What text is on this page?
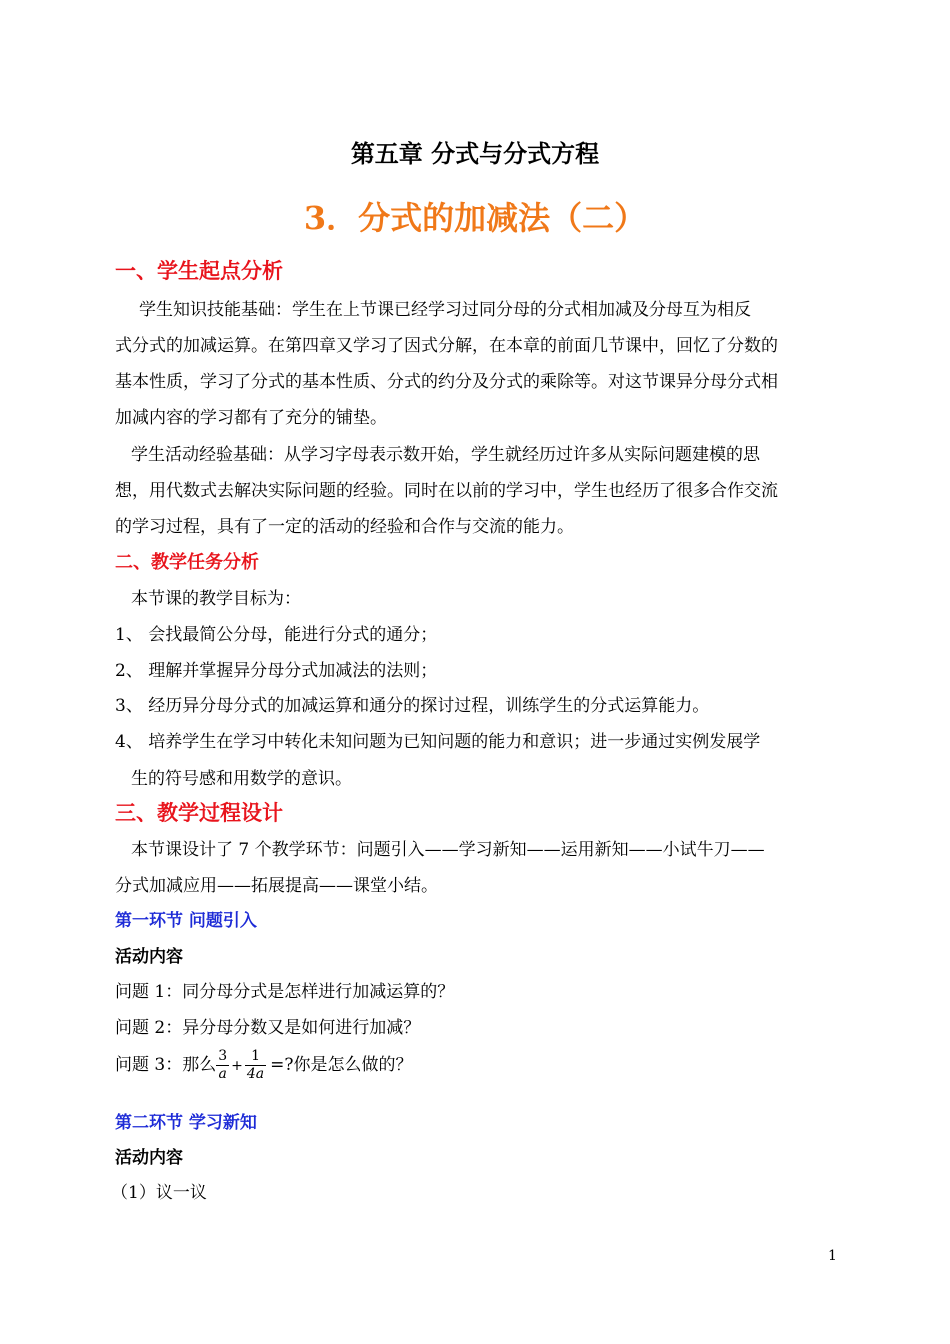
第五章 分式与分式方程
3．分式的加减法（二）
一、学生起点分析
学生知识技能基础：学生在上节课已经学习过同分母的分式相加减及分母互为相反
式分式的加减运算。在第四章又学习了因式分解，在本章的前面几节课中，回忆了分数的
基本性质，学习了分式的基本性质、分式的约分及分式的乘除等。对这节课异分母分式相
加减内容的学习都有了充分的铺垫。
学生活动经验基础：从学习字母表示数开始，学生就经历过许多从实际问题建模的思
想，用代数式去解决实际问题的经验。同时在以前的学习中，学生也经历了很多合作交流
的学习过程，具有了一定的活动的经验和合作与交流的能力。
二、教学任务分析
本节课的教学目标为：
1、 会找最简公分母，能进行分式的通分；
2、 理解并掌握异分母分式加减法的法则；
3、 经历异分母分式的加减运算和通分的探讨过程，训练学生的分式运算能力。
4、 培养学生在学习中转化未知问题为已知问题的能力和意识；进一步通过实例发展学
生的符号感和用数学的意识。
三、教学过程设计
本节课设计了 7 个教学环节：问题引入——学习新知——运用新知——小试牛刀——
分式加减应用——拓展提高——课堂小结。
第一环节 问题引入
活动内容
问题 1：同分母分式是怎样进行加减运算的？
问题 2：异分母分数又是如何进行加减？
问题 3：那么 $\frac{3}{a} + \frac{1}{4a}$ =?你是怎么做的？
第二环节 学习新知
活动内容
（1）议一议
1
